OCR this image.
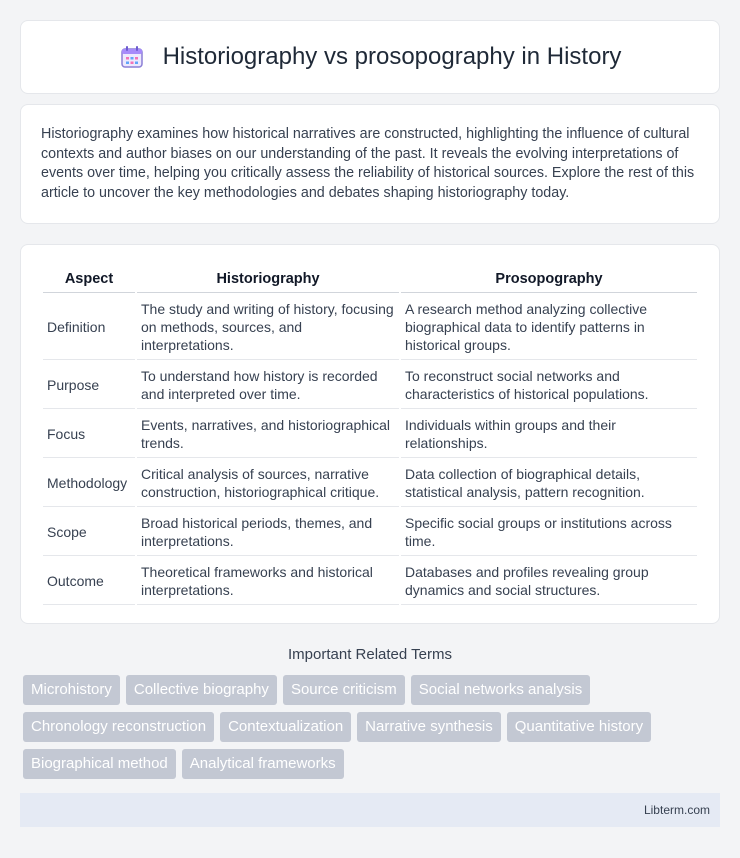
Historiography vs prosopography in History

Historiography examines how historical narratives are constructed, highlighting the influence of cultural contexts and author biases on our understanding of the past. It reveals the evolving interpretations of events over time, helping you critically assess the reliability of historical sources. Explore the rest of this article to uncover the key methodologies and debates shaping historiography today.

Aspect	Historiography	Prosopography
Definition	The study and writing of history, focusing on methods, sources, and interpretations.	A research method analyzing collective biographical data to identify patterns in historical groups.
Purpose	To understand how history is recorded and interpreted over time.	To reconstruct social networks and characteristics of historical populations.
Focus	Events, narratives, and historiographical trends.	Individuals within groups and their relationships.
Methodology	Critical analysis of sources, narrative construction, historiographical critique.	Data collection of biographical details, statistical analysis, pattern recognition.
Scope	Broad historical periods, themes, and interpretations.	Specific social groups or institutions across time.
Outcome	Theoretical frameworks and historical interpretations.	Databases and profiles revealing group dynamics and social structures.
Important Related Terms
Microhistory	Collective biography	Source criticism	Social networks analysis
Chronology reconstruction	Contextualization	Narrative synthesis	Quantitative history
Biographical method	Analytical frameworks
Libterm.com
